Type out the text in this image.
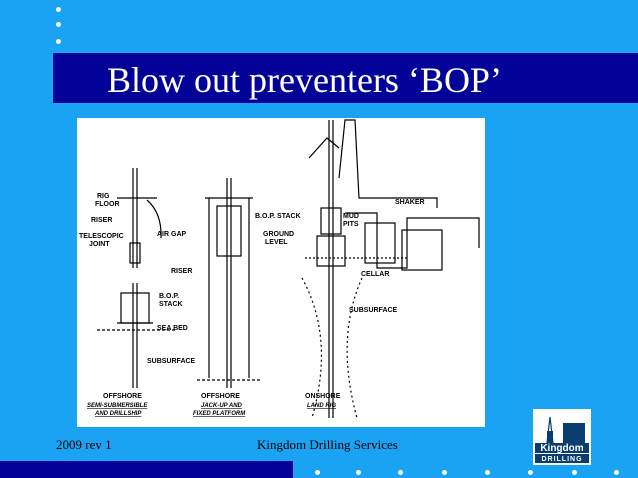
Blow out preventers ‘BOP’
RIG
FLOOR
RISER
TELESCOPIC
JOINT
AIR GAP
B.O.P. STACK
GROUND
LEVEL
MUD
PITS
SHAKER
CELLAR
RISER
B.O.P.
STACK
SEA BED
SUBSURFACE
SUBSURFACE
OFFSHORE
SEMI-SUBMERSIBLE
AND DRILLSHIP
OFFSHORE
JACK-UP AND
FIXED PLATFORM
ONSHORE
LAND RIG
2009 rev 1	Kingdom Drilling Services	Kingdom
DRILLING
